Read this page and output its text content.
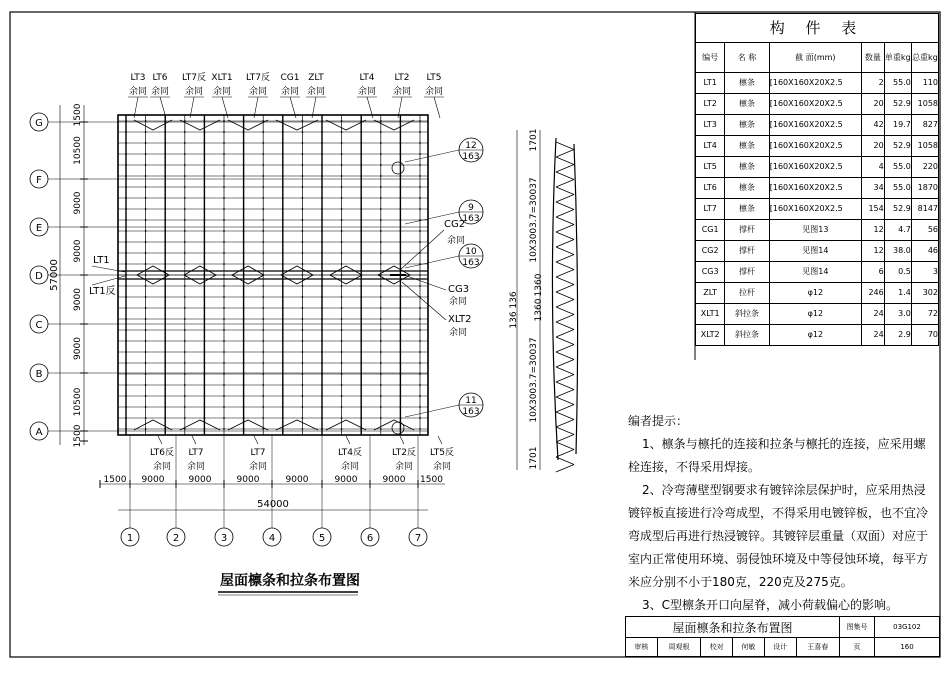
A
B
C
D
E
F
G
1	2	3	4	5	6	7
1500
10500
9000
9000
9000
9000
10500
1500
57000
1500 9000	9000	9000	9000	9000	9000 1500
54000
LT3
余同
LT6
余同
LT7反
余同
XLT1
余同
LT7反
余同
CG1
余同
ZLT
余同
LT4
余同
LT2
余同
LT5
余同
LT6反
余同
LT7
余同
LT7
余同
LT4反
余同
LT2反
余同
LT5反
余同
LT1
LT1反
CG2
余同
CG3
余同
XLT2
余同
12
163
9
163
10
163
11
163
屋面檩条和拉条布置图
1701
10X3003.7=30037
1360
136
136 1360
10X3003.7=30037
1701
构 件 表					
编号	名 称	截 面(mm)	数量	单重kg	总重kg
LT1	檩条	[160X160X20X2.5	2	55.0	110
LT2	檩条	[160X160X20X2.5	20	52.9	1058
LT3	檩条	[160X160X20X2.5	42	19.7	827
LT4	檩条	[160X160X20X2.5	20	52.9	1058
LT5	檩条	[160X160X20X2.5	4	55.0	220
LT6	檩条	[160X160X20X2.5	34	55.0	1870
LT7	檩条	[160X160X20X2.5	154	52.9	8147
CG1	撑杆	见图13	12	4.7	56
CG2	撑杆	见图14	12	38.0	46
CG3	撑杆	见图14	6	0.5	3
ZLT	拉杆	φ12	246	1.4	302
XLT1	斜拉条	φ12	24	3.0	72
XLT2	斜拉条	φ12	24	2.9	70

编者提示：

1、檩条与檩托的连接和拉条与檩托的连接，应采用螺栓连接，不得采用焊接。

2、冷弯薄壁型钢要求有镀锌涂层保护时，应采用热浸镀锌板直接进行冷弯成型，不得采用电镀锌板，也不宜冷弯成型后再进行热浸镀锌。其镀锌层重量（双面）对应于室内正常使用环境、弱侵蚀环境及中等侵蚀环境，每平方米应分别不小于180克，220克及275克。

3、C型檩条开口向屋脊，减小荷载偏心的影响。

屋面檩条和拉条布置图						图集号	03G102
审核	周观根	校对	何敏	设计	王喜春	页	160
